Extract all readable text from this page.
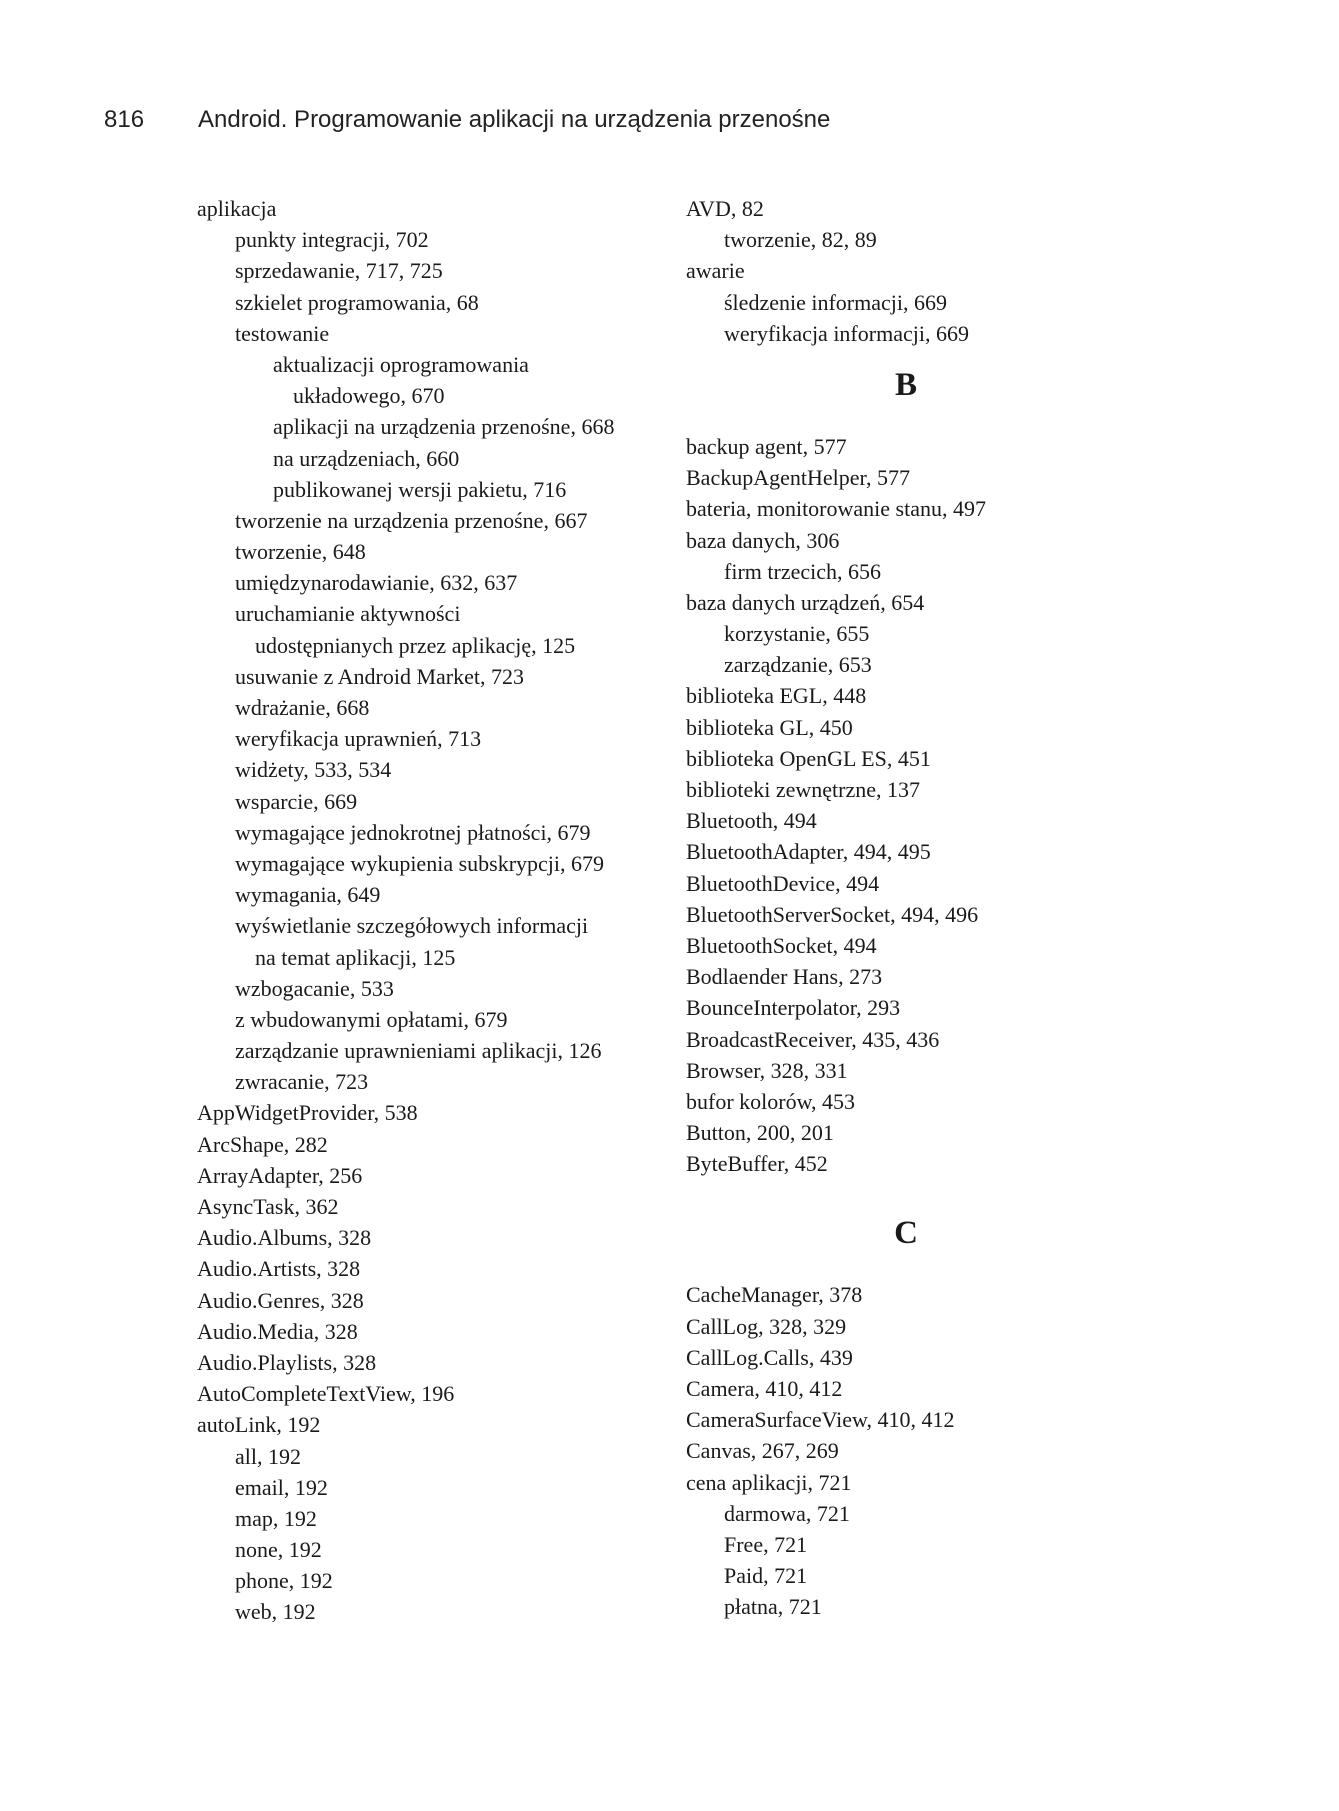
816 Android. Programowanie aplikacji na urządzenia przenośne
aplikacja
punkty integracji, 702
sprzedawanie, 717, 725
szkielet programowania, 68
testowanie
aktualizacji oprogramowania
układowego, 670
aplikacji na urządzenia przenośne, 668
na urządzeniach, 660
publikowanej wersji pakietu, 716
tworzenie na urządzenia przenośne, 667
tworzenie, 648
umiędzynarodawianie, 632, 637
uruchamianie aktywności
udostępnianych przez aplikację, 125
usuwanie z Android Market, 723
wdrażanie, 668
weryfikacja uprawnień, 713
widżety, 533, 534
wsparcie, 669
wymagające jednokrotnej płatności, 679
wymagające wykupienia subskrypcji, 679
wymagania, 649
wyświetlanie szczegółowych informacji
na temat aplikacji, 125
wzbogacanie, 533
z wbudowanymi opłatami, 679
zarządzanie uprawnieniami aplikacji, 126
zwracanie, 723
AppWidgetProvider, 538
ArcShape, 282
ArrayAdapter, 256
AsyncTask, 362
Audio.Albums, 328
Audio.Artists, 328
Audio.Genres, 328
Audio.Media, 328
Audio.Playlists, 328
AutoCompleteTextView, 196
autoLink, 192
all, 192
email, 192
map, 192
none, 192
phone, 192
web, 192
AVD, 82
tworzenie, 82, 89
awarie
śledzenie informacji, 669
weryfikacja informacji, 669
B
backup agent, 577
BackupAgentHelper, 577
bateria, monitorowanie stanu, 497
baza danych, 306
firm trzecich, 656
baza danych urządzeń, 654
korzystanie, 655
zarządzanie, 653
biblioteka EGL, 448
biblioteka GL, 450
biblioteka OpenGL ES, 451
biblioteki zewnętrzne, 137
Bluetooth, 494
BluetoothAdapter, 494, 495
BluetoothDevice, 494
BluetoothServerSocket, 494, 496
BluetoothSocket, 494
Bodlaender Hans, 273
BounceInterpolator, 293
BroadcastReceiver, 435, 436
Browser, 328, 331
bufor kolorów, 453
Button, 200, 201
ByteBuffer, 452
C
CacheManager, 378
CallLog, 328, 329
CallLog.Calls, 439
Camera, 410, 412
CameraSurfaceView, 410, 412
Canvas, 267, 269
cena aplikacji, 721
darmowa, 721
Free, 721
Paid, 721
płatna, 721
